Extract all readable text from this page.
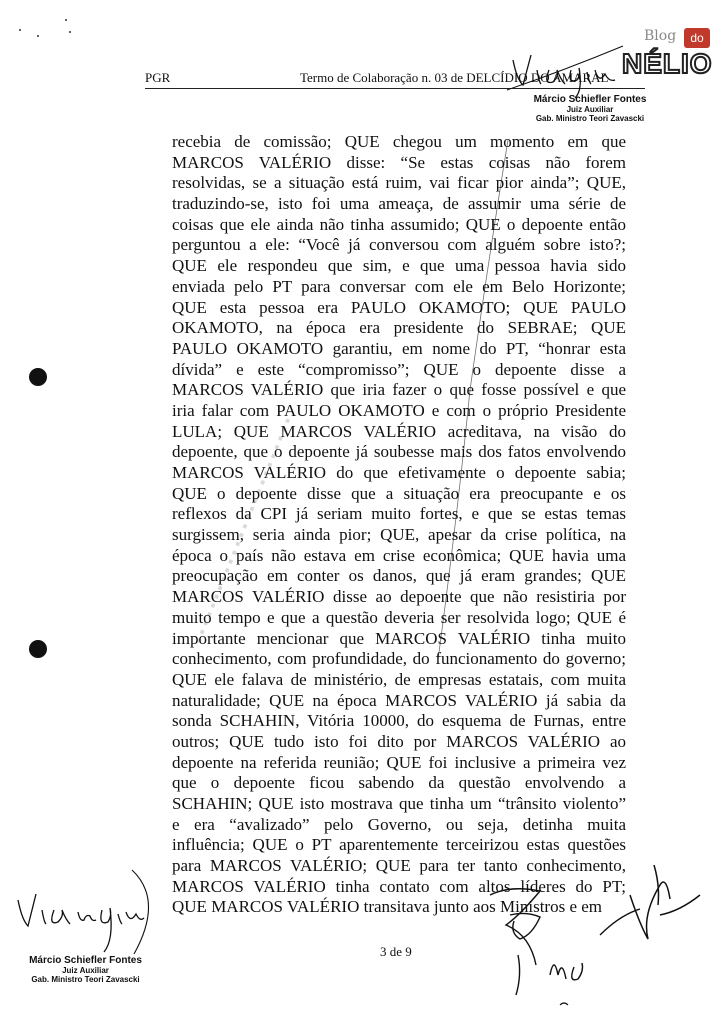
Blog	do
NÉLIO
PGR	Termo de Colaboração n. 03 de DELCÍDIO DO AMARAL
Márcio Schiefler Fontes
Juiz Auxiliar
Gab. Ministro Teori Zavascki
▪ ▪ ▪ ▪ ▪ ▪ ▪ ▪ ▪ ▪ ▪ ▪ ▪ ▪ ▪ ▪ ▪ ▪ ▪ ▪ ▪ ▪ ▪ ▪ ▪ ▪
recebia de comissão; QUE chegou um momento em que
MARCOS VALÉRIO disse: “Se estas coisas não forem
resolvidas, se a situação está ruim, vai ficar pior ainda”; QUE,
traduzindo-se, isto foi uma ameaça, de assumir uma série de
coisas que ele ainda não tinha assumido; QUE o depoente então
perguntou a ele: “Você já conversou com alguém sobre isto?;
QUE ele respondeu que sim, e que uma pessoa havia sido
enviada pelo PT para conversar com ele em Belo Horizonte;
QUE esta pessoa era PAULO OKAMOTO; QUE PAULO
OKAMOTO, na época era presidente do SEBRAE; QUE
PAULO OKAMOTO garantiu, em nome do PT, “honrar esta
dívida” e este “compromisso”; QUE o depoente disse a
MARCOS VALÉRIO que iria fazer o que fosse possível e que
iria falar com PAULO OKAMOTO e com o próprio Presidente
LULA; QUE MARCOS VALÉRIO acreditava, na visão do
depoente, que o depoente já soubesse mais dos fatos envolvendo
MARCOS VALÉRIO do que efetivamente o depoente sabia;
QUE o depoente disse que a situação era preocupante e os
reflexos da CPI já seriam muito fortes, e que se estas temas
surgissem, seria ainda pior; QUE, apesar da crise política, na
época o país não estava em crise econômica; QUE havia uma
preocupação em conter os danos, que já eram grandes; QUE
MARCOS VALÉRIO disse ao depoente que não resistiria por
muito tempo e que a questão deveria ser resolvida logo; QUE é
importante mencionar que MARCOS VALÉRIO tinha muito
conhecimento, com profundidade, do funcionamento do governo;
QUE ele falava de ministério, de empresas estatais, com muita
naturalidade; QUE na época MARCOS VALÉRIO já sabia da
sonda SCHAHIN, Vitória 10000, do esquema de Furnas, entre
outros; QUE tudo isto foi dito por MARCOS VALÉRIO ao
depoente na referida reunião; QUE foi inclusive a primeira vez
que o depoente ficou sabendo da questão envolvendo a
SCHAHIN; QUE isto mostrava que tinha um “trânsito violento”
e era “avalizado” pelo Governo, ou seja, detinha muita
influência; QUE o PT aparentemente terceirizou estas questões
para MARCOS VALÉRIO; QUE para ter tanto conhecimento,
MARCOS VALÉRIO tinha contato com altos líderes do PT;
QUE MARCOS VALÉRIO transitava junto aos Ministros e em
Márcio Schiefler Fontes
Juiz Auxiliar
Gab. Ministro Teori Zavascki
3 de 9
